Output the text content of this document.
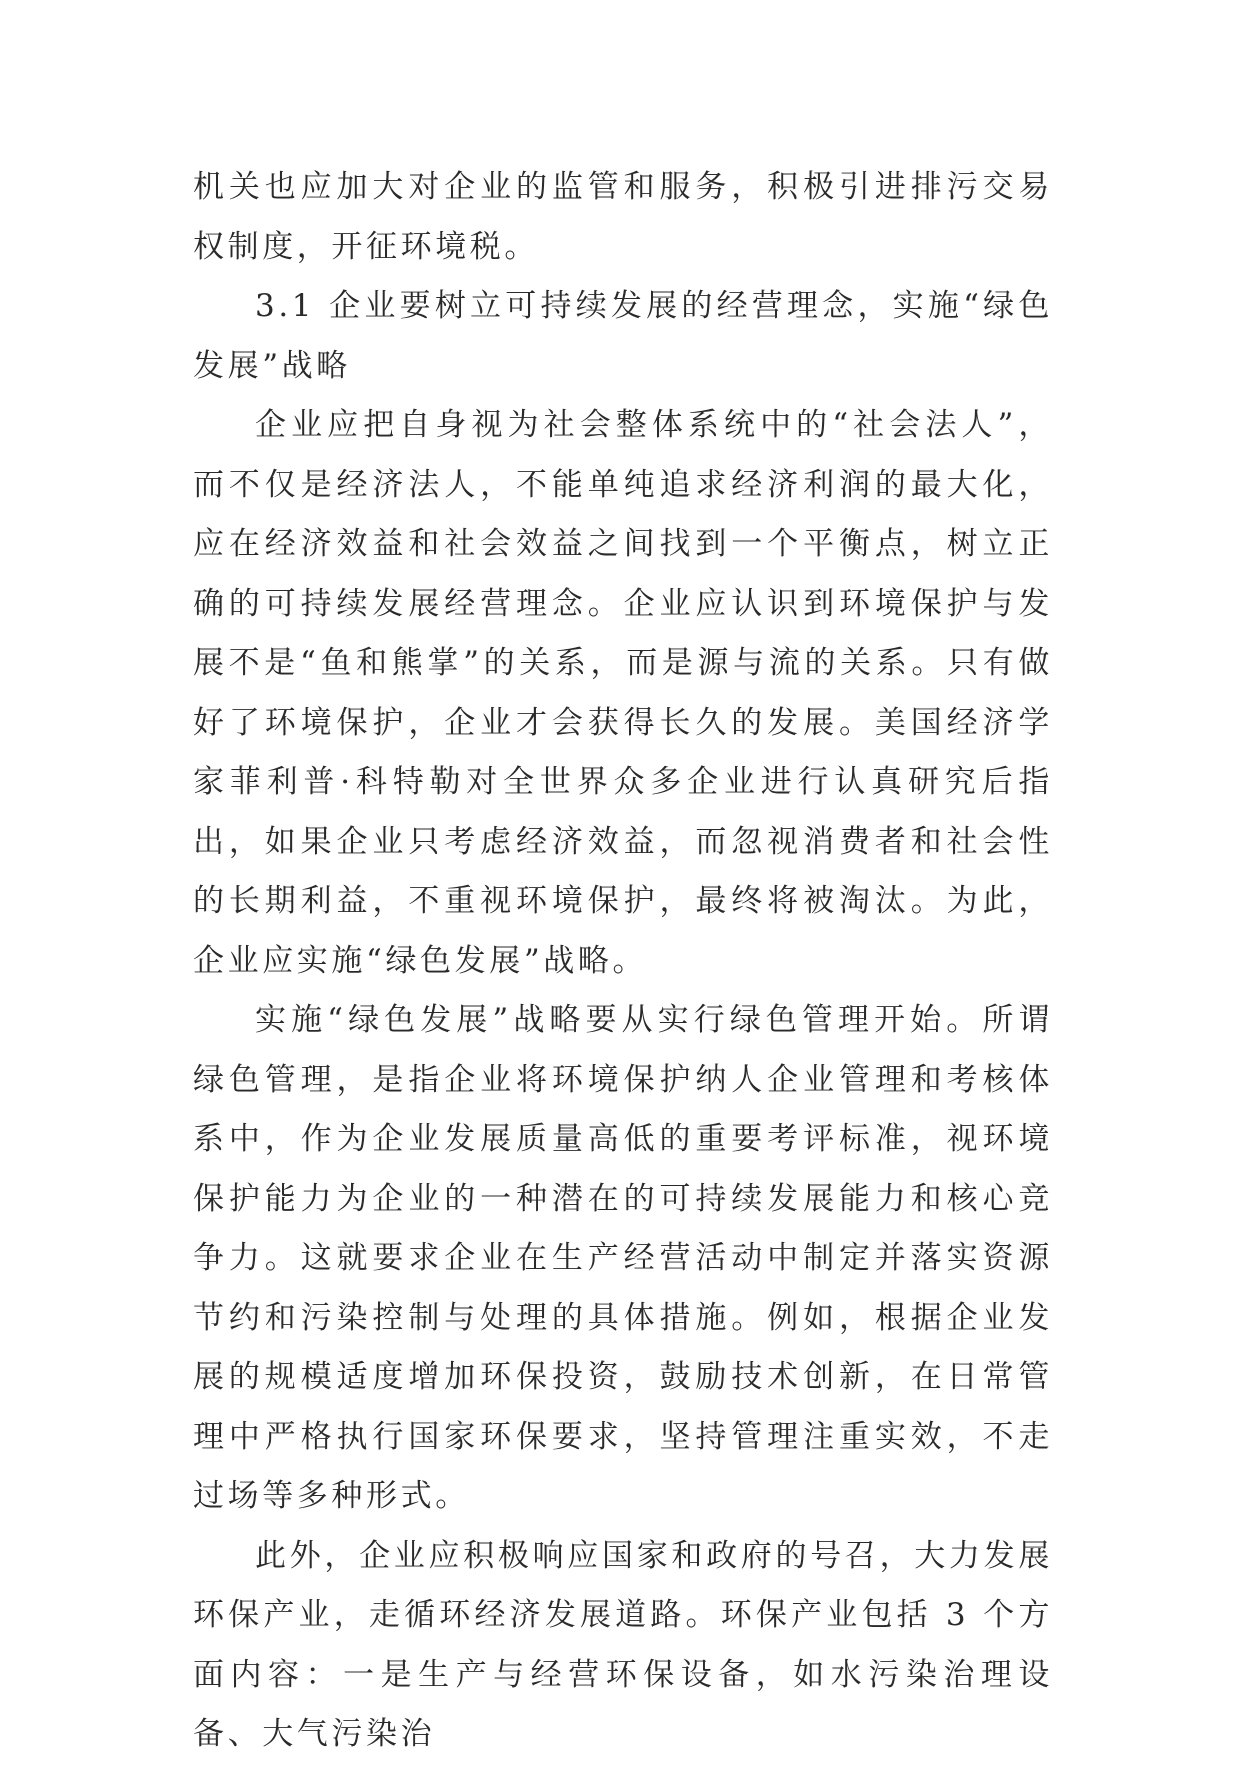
机关也应加大对企业的监管和服务，积极引进排污交易权制度，开征环境税。

3.1 企业要树立可持续发展的经营理念，实施“绿色发展”战略

企业应把自身视为社会整体系统中的“社会法人”，而不仅是经济法人，不能单纯追求经济利润的最大化，应在经济效益和社会效益之间找到一个平衡点，树立正确的可持续发展经营理念。企业应认识到环境保护与发展不是“鱼和熊掌”的关系，而是源与流的关系。只有做好了环境保护，企业才会获得长久的发展。美国经济学家菲利普·科特勒对全世界众多企业进行认真研究后指出，如果企业只考虑经济效益，而忽视消费者和社会性的长期利益，不重视环境保护，最终将被淘汰。为此，企业应实施“绿色发展”战略。

实施“绿色发展”战略要从实行绿色管理开始。所谓绿色管理，是指企业将环境保护纳人企业管理和考核体系中，作为企业发展质量高低的重要考评标准，视环境保护能力为企业的一种潜在的可持续发展能力和核心竞争力。这就要求企业在生产经营活动中制定并落实资源节约和污染控制与处理的具体措施。例如，根据企业发展的规模适度增加环保投资，鼓励技术创新，在日常管理中严格执行国家环保要求，坚持管理注重实效，不走过场等多种形式。

此外，企业应积极响应国家和政府的号召，大力发展环保产业，走循环经济发展道路。环保产业包括 3 个方面内容：一是生产与经营环保设备，如水污染治理设备、大气污染治
